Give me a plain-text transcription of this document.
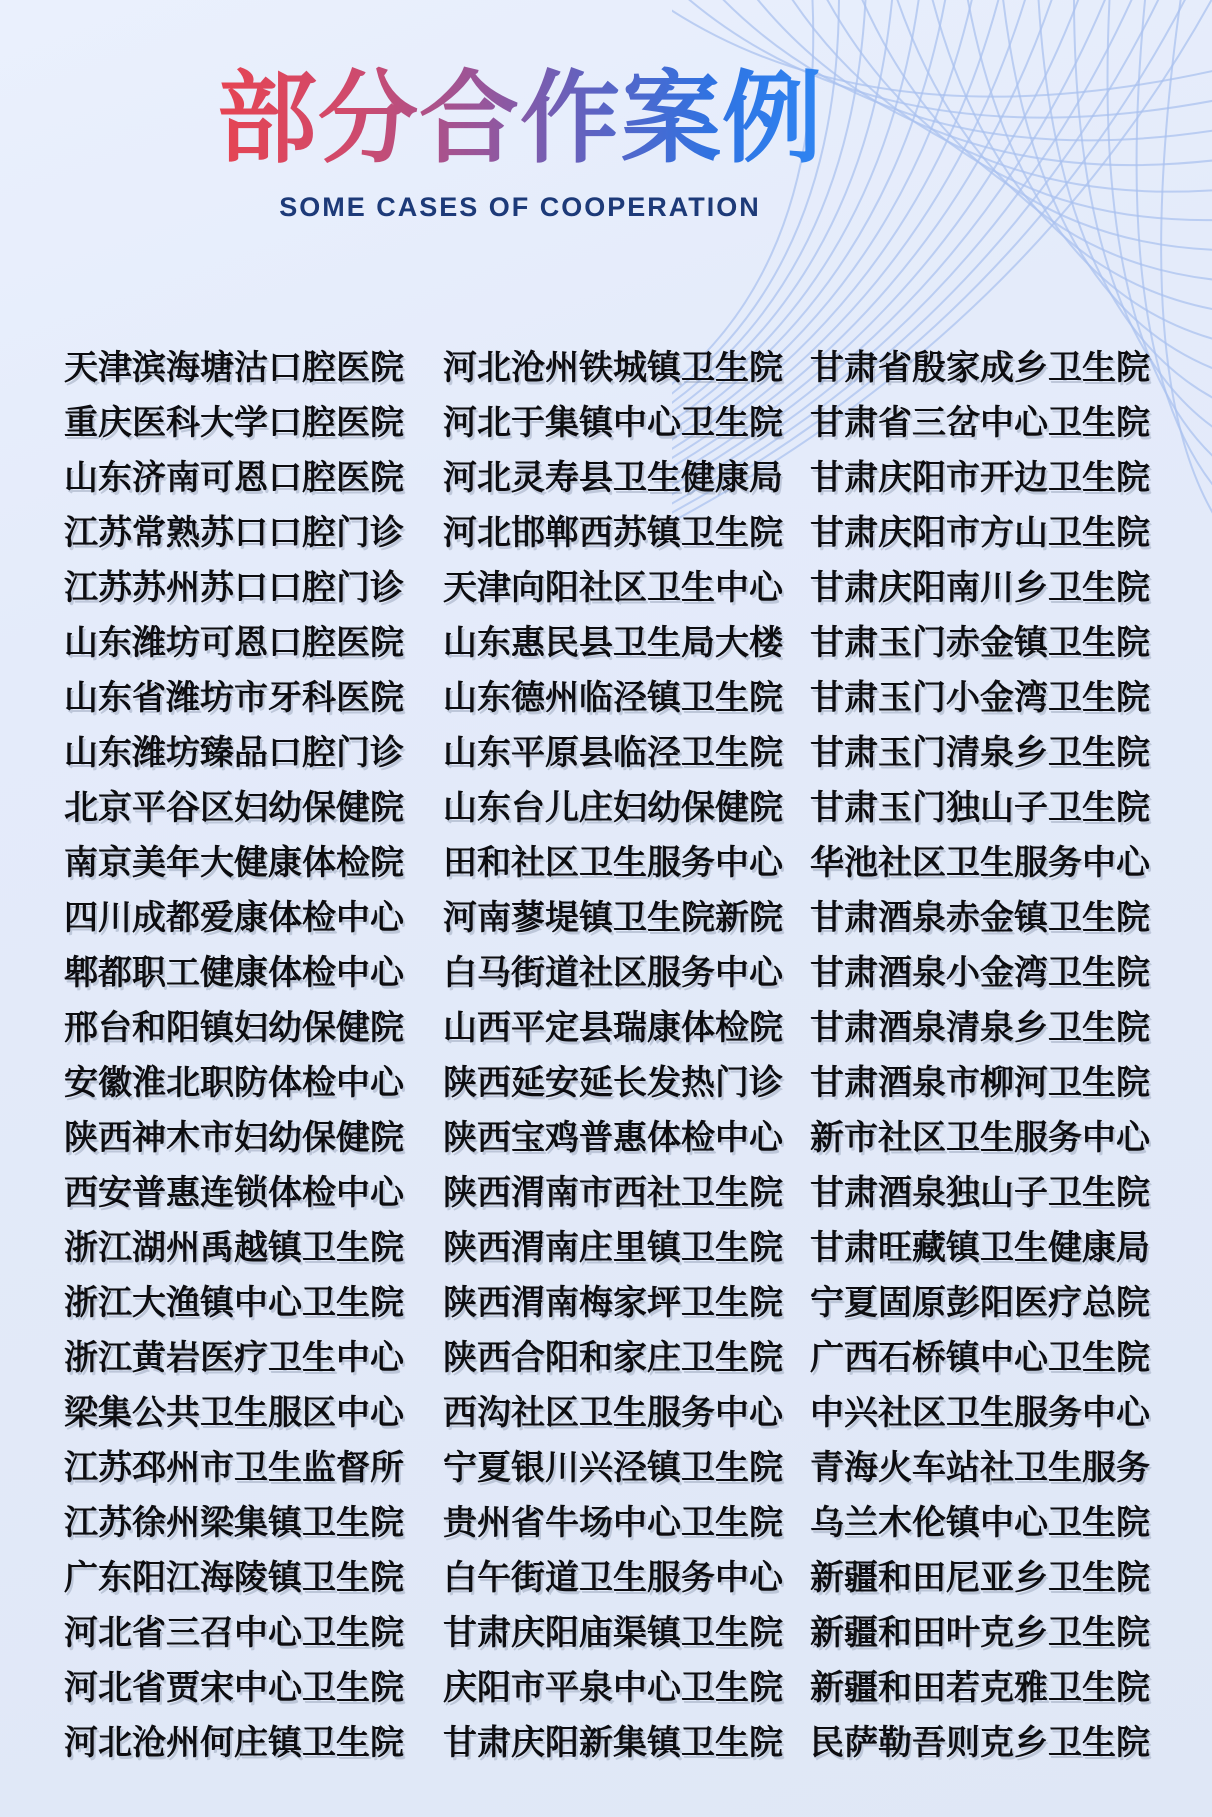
部分合作案例
SOME CASES OF COOPERATION
天津滨海塘沽口腔医院
重庆医科大学口腔医院
山东济南可恩口腔医院
江苏常熟苏口口腔门诊
江苏苏州苏口口腔门诊
山东潍坊可恩口腔医院
山东省潍坊市牙科医院
山东潍坊臻品口腔门诊
北京平谷区妇幼保健院
南京美年大健康体检院
四川成都爱康体检中心
郫都职工健康体检中心
邢台和阳镇妇幼保健院
安徽淮北职防体检中心
陕西神木市妇幼保健院
西安普惠连锁体检中心
浙江湖州禹越镇卫生院
浙江大渔镇中心卫生院
浙江黄岩医疗卫生中心
梁集公共卫生服区中心
江苏邳州市卫生监督所
江苏徐州梁集镇卫生院
广东阳江海陵镇卫生院
河北省三召中心卫生院
河北省贾宋中心卫生院
河北沧州何庄镇卫生院
河北沧州铁城镇卫生院
河北于集镇中心卫生院
河北灵寿县卫生健康局
河北邯郸西苏镇卫生院
天津向阳社区卫生中心
山东惠民县卫生局大楼
山东德州临泾镇卫生院
山东平原县临泾卫生院
山东台儿庄妇幼保健院
田和社区卫生服务中心
河南蓼堤镇卫生院新院
白马街道社区服务中心
山西平定县瑞康体检院
陕西延安延长发热门诊
陕西宝鸡普惠体检中心
陕西渭南市西社卫生院
陕西渭南庄里镇卫生院
陕西渭南梅家坪卫生院
陕西合阳和家庄卫生院
西沟社区卫生服务中心
宁夏银川兴泾镇卫生院
贵州省牛场中心卫生院
白午街道卫生服务中心
甘肃庆阳庙渠镇卫生院
庆阳市平泉中心卫生院
甘肃庆阳新集镇卫生院
甘肃省殷家成乡卫生院
甘肃省三岔中心卫生院
甘肃庆阳市开边卫生院
甘肃庆阳市方山卫生院
甘肃庆阳南川乡卫生院
甘肃玉门赤金镇卫生院
甘肃玉门小金湾卫生院
甘肃玉门清泉乡卫生院
甘肃玉门独山子卫生院
华池社区卫生服务中心
甘肃酒泉赤金镇卫生院
甘肃酒泉小金湾卫生院
甘肃酒泉清泉乡卫生院
甘肃酒泉市柳河卫生院
新市社区卫生服务中心
甘肃酒泉独山子卫生院
甘肃旺藏镇卫生健康局
宁夏固原彭阳医疗总院
广西石桥镇中心卫生院
中兴社区卫生服务中心
青海火车站社卫生服务
乌兰木伦镇中心卫生院
新疆和田尼亚乡卫生院
新疆和田叶克乡卫生院
新疆和田若克雅卫生院
民萨勒吾则克乡卫生院
